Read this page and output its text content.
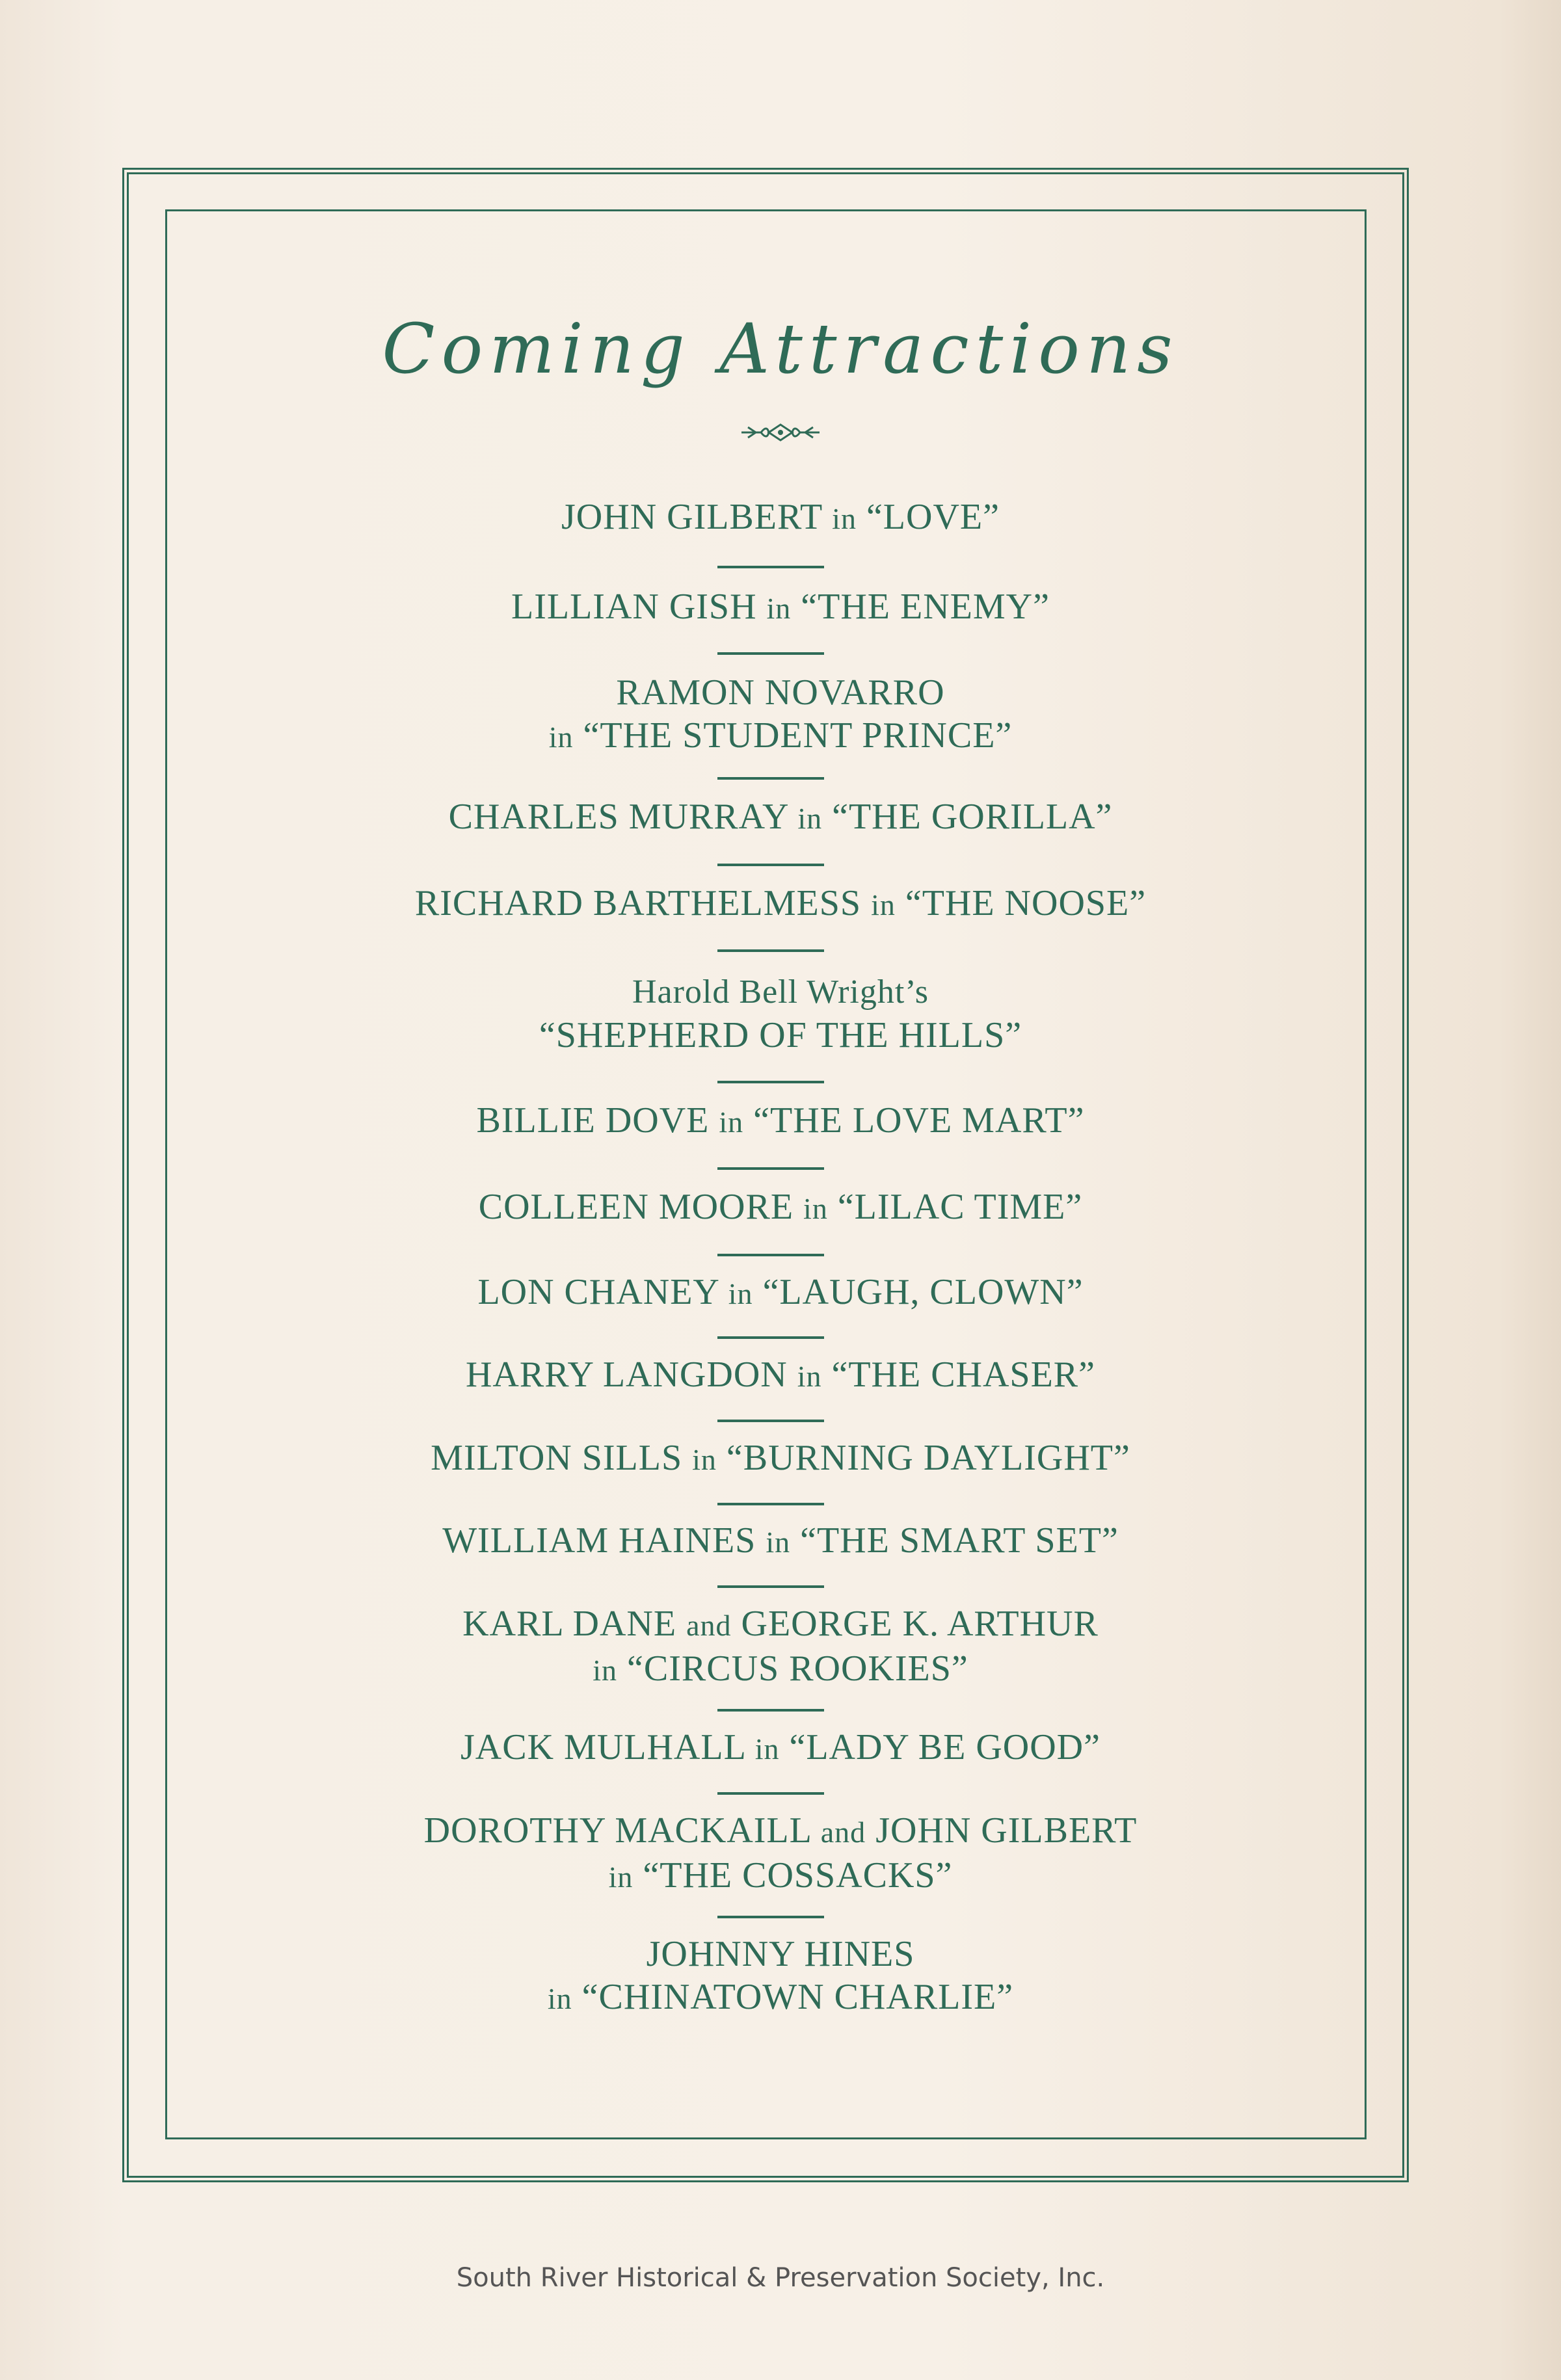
Coming Attractions
JOHN GILBERT in “LOVE”
LILLIAN GISH in “THE ENEMY”
RAMON NOVARRO
in “THE STUDENT PRINCE”
CHARLES MURRAY in “THE GORILLA”
RICHARD BARTHELMESS in “THE NOOSE”
Harold Bell Wright’s
“SHEPHERD OF THE HILLS”
BILLIE DOVE in “THE LOVE MART”
COLLEEN MOORE in “LILAC TIME”
LON CHANEY in “LAUGH, CLOWN”
HARRY LANGDON in “THE CHASER”
MILTON SILLS in “BURNING DAYLIGHT”
WILLIAM HAINES in “THE SMART SET”
KARL DANE and GEORGE K. ARTHUR
in “CIRCUS ROOKIES”
JACK MULHALL in “LADY BE GOOD”
DOROTHY MACKAILL and JOHN GILBERT
in “THE COSSACKS”
JOHNNY HINES
in “CHINATOWN CHARLIE”
South River Historical & Preservation Society, Inc.
